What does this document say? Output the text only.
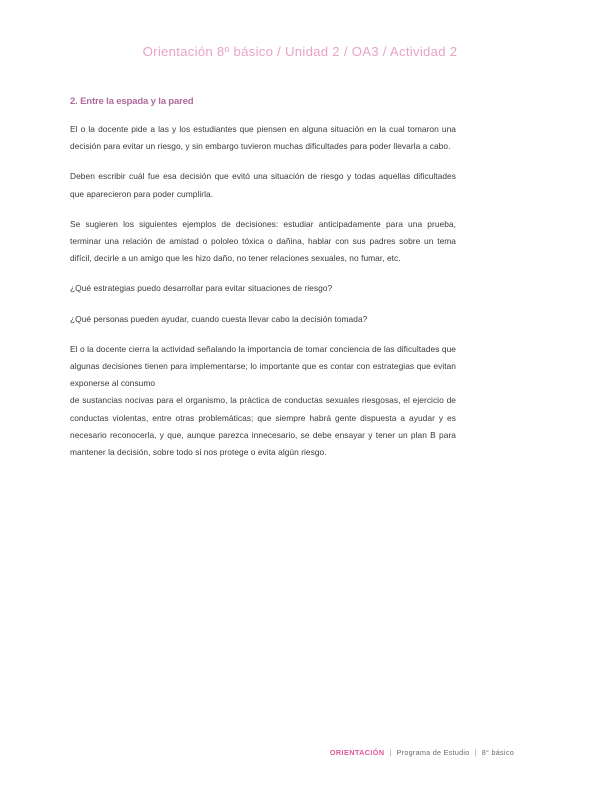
Orientación 8º básico / Unidad 2 / OA3 / Actividad 2
2. Entre la espada y la pared

El o la docente pide a las y los estudiantes que piensen en alguna situación en la cual tomaron una decisión para evitar un riesgo, y sin embargo tuvieron muchas dificultades para poder llevarla a cabo.

Deben escribir cuál fue esa decisión que evitó una situación de riesgo y todas aquellas dificultades que aparecieron para poder cumplirla.

Se sugieren los siguientes ejemplos de decisiones: estudiar anticipadamente para una prueba, terminar una relación de amistad o pololeo tóxica o dañina, hablar con sus padres sobre un tema difícil, decirle a un amigo que les hizo daño, no tener relaciones sexuales, no fumar, etc.

¿Qué estrategias puedo desarrollar para evitar situaciones de riesgo?

¿Qué personas pueden ayudar, cuando cuesta llevar cabo la decisión tomada?

El o la docente cierra la actividad señalando la importancia de tomar conciencia de las dificultades que algunas decisiones tienen para implementarse; lo importante que es contar con estrategias que evitan exponerse al consumo
de sustancias nocivas para el organismo, la práctica de conductas sexuales riesgosas, el ejercicio de conductas violentas, entre otras problemáticas; que siempre habrá gente dispuesta a ayudar y es necesario reconocerla, y que, aunque parezca innecesario, se debe ensayar y tener un plan B para mantener la decisión, sobre todo si nos protege o evita algún riesgo.

ORIENTACIÓN | Programa de Estudio | 8° básico
